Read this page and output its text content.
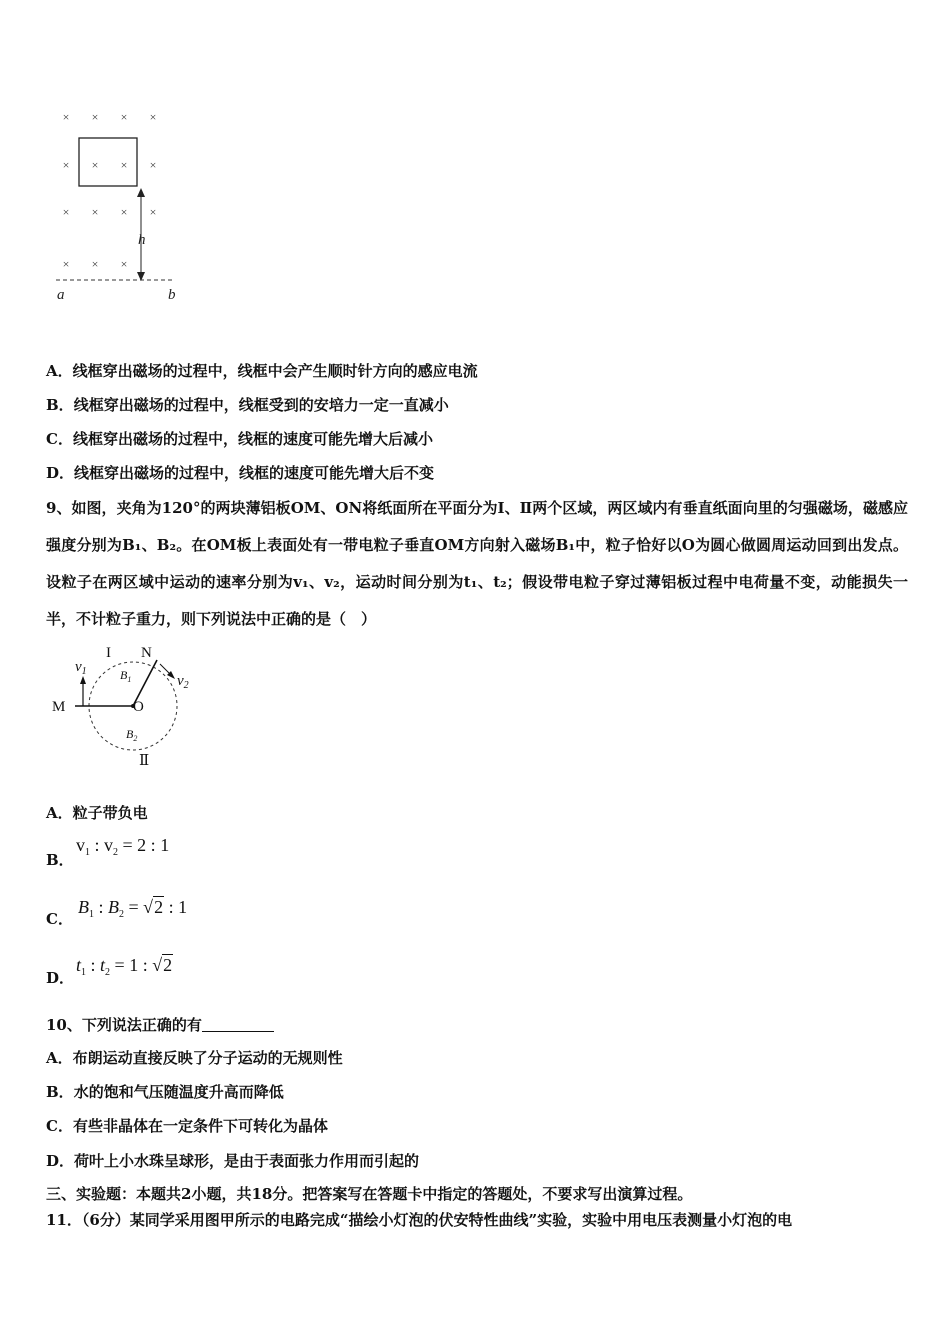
× × × ×
× × × ×
× × × ×
× × ×
h
a	b
A．线框穿出磁场的过程中，线框中会产生顺时针方向的感应电流
B．线框穿出磁场的过程中，线框受到的安培力一定一直减小
C．线框穿出磁场的过程中，线框的速度可能先增大后减小
D．线框穿出磁场的过程中，线框的速度可能先增大后不变
9、如图，夹角为120°的两块薄铝板OM、ON将纸面所在平面分为Ⅰ、Ⅱ两个区域，两区域内有垂直纸面向里的匀强磁场，磁感应强度分别为B₁、B₂。在OM板上表面处有一带电粒子垂直OM方向射入磁场B₁中，粒子恰好以O为圆心做圆周运动回到出发点。设粒子在两区域中运动的速率分别为v₁、v₂，运动时间分别为t₁、t₂；假设带电粒子穿过薄铝板过程中电荷量不变，动能损失一半，不计粒子重力，则下列说法中正确的是（　）
$v_1$
I N
$B_1$	$v_2$
M	O
$B_2$
Ⅱ
A．粒子带负电
B．
$v_1$ : $v_2 = 2$ : 1
C．
$B_1$ : $B_2 = √2$ : 1
D．
$t_1$ : $t_2 = 1$ : √2
10、下列说法正确的有
A．布朗运动直接反映了分子运动的无规则性
B．水的饱和气压随温度升高而降低
C．有些非晶体在一定条件下可转化为晶体
D．荷叶上小水珠呈球形，是由于表面张力作用而引起的
三、实验题：本题共2小题，共18分。把答案写在答题卡中指定的答题处，不要求写出演算过程。
11．（6分）某同学采用图甲所示的电路完成“描绘小灯泡的伏安特性曲线”实验，实验中用电压表测量小灯泡的电
